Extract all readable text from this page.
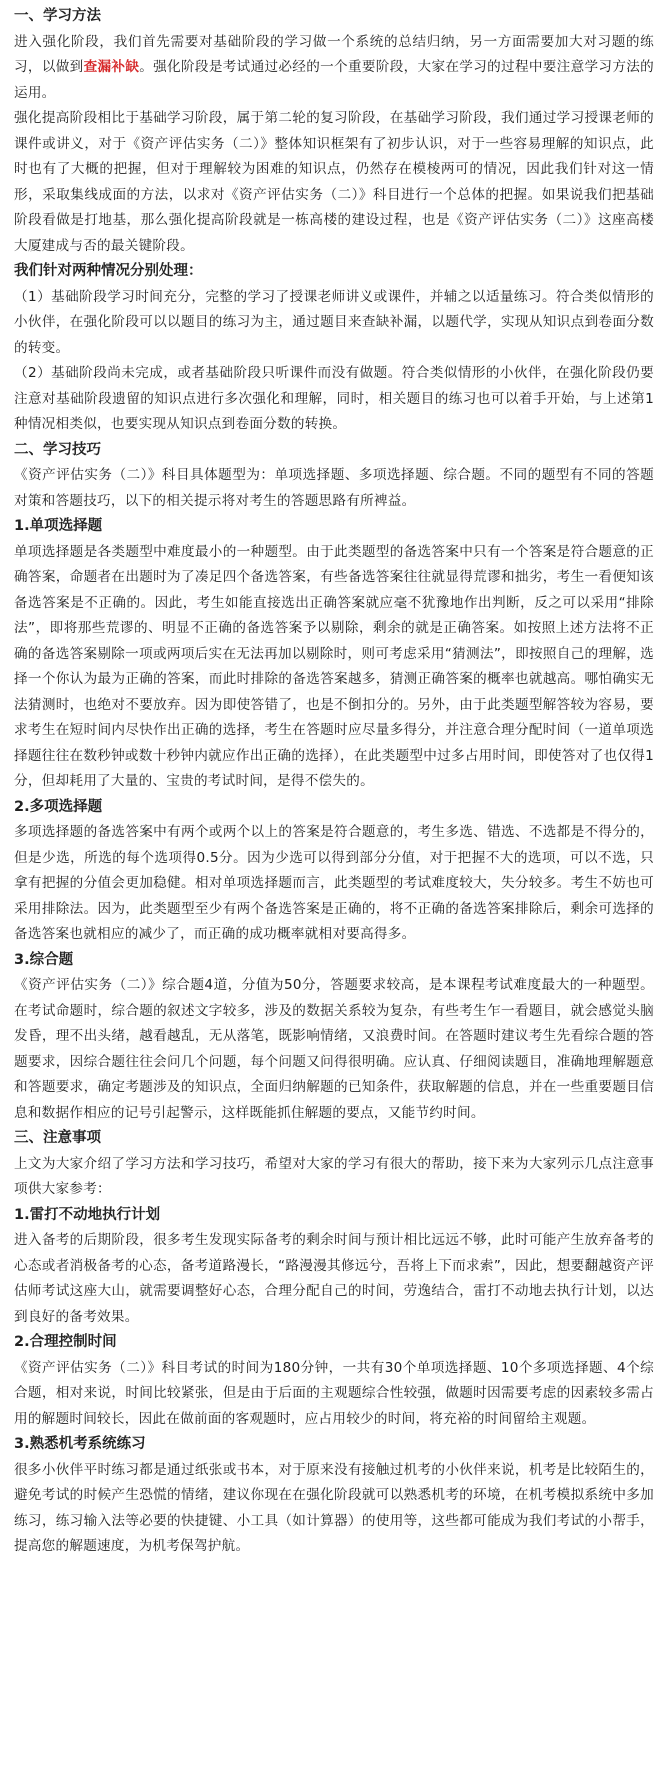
一、学习方法
进入强化阶段，我们首先需要对基础阶段的学习做一个系统的总结归纳，另一方面需要加大对习题的练习，以做到查漏补缺。强化阶段是考试通过必经的一个重要阶段，大家在学习的过程中要注意学习方法的运用。
强化提高阶段相比于基础学习阶段，属于第二轮的复习阶段，在基础学习阶段，我们通过学习授课老师的课件或讲义，对于《资产评估实务（二）》整体知识框架有了初步认识，对于一些容易理解的知识点，此时也有了大概的把握，但对于理解较为困难的知识点，仍然存在模棱两可的情况，因此我们针对这一情形，采取集线成面的方法，以求对《资产评估实务（二）》科目进行一个总体的把握。如果说我们把基础阶段看做是打地基，那么强化提高阶段就是一栋高楼的建设过程，也是《资产评估实务（二）》这座高楼大厦建成与否的最关键阶段。
我们针对两种情况分别处理：
（1）基础阶段学习时间充分，完整的学习了授课老师讲义或课件，并辅之以适量练习。符合类似情形的小伙伴，在强化阶段可以以题目的练习为主，通过题目来查缺补漏，以题代学，实现从知识点到卷面分数的转变。
（2）基础阶段尚未完成，或者基础阶段只听课件而没有做题。符合类似情形的小伙伴，在强化阶段仍要注意对基础阶段遗留的知识点进行多次强化和理解，同时，相关题目的练习也可以着手开始，与上述第1种情况相类似，也要实现从知识点到卷面分数的转换。
二、学习技巧
《资产评估实务（二）》科目具体题型为：单项选择题、多项选择题、综合题。不同的题型有不同的答题对策和答题技巧，以下的相关提示将对考生的答题思路有所裨益。
1.单项选择题
单项选择题是各类题型中难度最小的一种题型。由于此类题型的备选答案中只有一个答案是符合题意的正确答案，命题者在出题时为了凑足四个备选答案，有些备选答案往往就显得荒谬和拙劣，考生一看便知该备选答案是不正确的。因此，考生如能直接选出正确答案就应毫不犹豫地作出判断，反之可以采用“排除法”，即将那些荒谬的、明显不正确的备选答案予以剔除，剩余的就是正确答案。如按照上述方法将不正确的备选答案剔除一项或两项后实在无法再加以剔除时，则可考虑采用“猜测法”，即按照自己的理解，选择一个你认为最为正确的答案，而此时排除的备选答案越多，猜测正确答案的概率也就越高。哪怕确实无法猜测时，也绝对不要放弃。因为即使答错了，也是不倒扣分的。另外，由于此类题型解答较为容易，要求考生在短时间内尽快作出正确的选择，考生在答题时应尽量多得分，并注意合理分配时间（一道单项选择题往往在数秒钟或数十秒钟内就应作出正确的选择），在此类题型中过多占用时间，即使答对了也仅得1分，但却耗用了大量的、宝贵的考试时间，是得不偿失的。
2.多项选择题
多项选择题的备选答案中有两个或两个以上的答案是符合题意的，考生多选、错选、不选都是不得分的，但是少选，所选的每个选项得0.5分。因为少选可以得到部分分值，对于把握不大的选项，可以不选，只拿有把握的分值会更加稳健。相对单项选择题而言，此类题型的考试难度较大，失分较多。考生不妨也可采用排除法。因为，此类题型至少有两个备选答案是正确的，将不正确的备选答案排除后，剩余可选择的备选答案也就相应的减少了，而正确的成功概率就相对要高得多。
3.综合题
《资产评估实务（二）》综合题4道，分值为50分，答题要求较高，是本课程考试难度最大的一种题型。在考试命题时，综合题的叙述文字较多，涉及的数据关系较为复杂，有些考生乍一看题目，就会感觉头脑发昏，理不出头绪，越看越乱，无从落笔，既影响情绪，又浪费时间。在答题时建议考生先看综合题的答题要求，因综合题往往会问几个问题，每个问题又问得很明确。应认真、仔细阅读题目，准确地理解题意和答题要求，确定考题涉及的知识点，全面归纳解题的已知条件，获取解题的信息，并在一些重要题目信息和数据作相应的记号引起警示，这样既能抓住解题的要点，又能节约时间。
三、注意事项
上文为大家介绍了学习方法和学习技巧，希望对大家的学习有很大的帮助，接下来为大家列示几点注意事项供大家参考：
1.雷打不动地执行计划
进入备考的后期阶段，很多考生发现实际备考的剩余时间与预计相比远远不够，此时可能产生放弃备考的心态或者消极备考的心态，备考道路漫长，“路漫漫其修远兮，吾将上下而求索”，因此，想要翻越资产评估师考试这座大山，就需要调整好心态，合理分配自己的时间，劳逸结合，雷打不动地去执行计划，以达到良好的备考效果。
2.合理控制时间
《资产评估实务（二）》科目考试的时间为180分钟，一共有30个单项选择题、10个多项选择题、4个综合题，相对来说，时间比较紧张，但是由于后面的主观题综合性较强，做题时因需要考虑的因素较多需占用的解题时间较长，因此在做前面的客观题时，应占用较少的时间，将充裕的时间留给主观题。
3.熟悉机考系统练习
很多小伙伴平时练习都是通过纸张或书本，对于原来没有接触过机考的小伙伴来说，机考是比较陌生的，避免考试的时候产生恐慌的情绪，建议你现在在强化阶段就可以熟悉机考的环境，在机考模拟系统中多加练习，练习输入法等必要的快捷键、小工具（如计算器）的使用等，这些都可能成为我们考试的小帮手，提高您的解题速度，为机考保驾护航。
